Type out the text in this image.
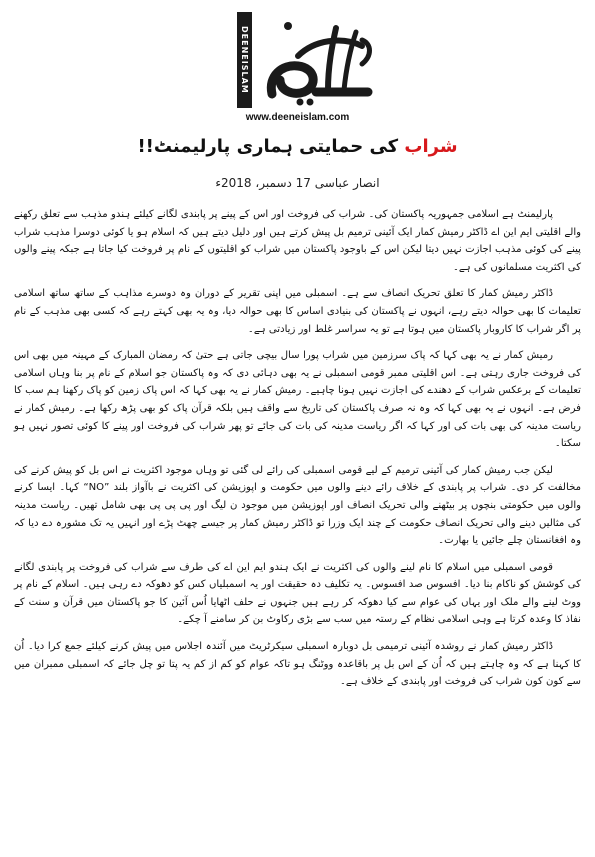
DEENEISLAM
www.deeneislam.com
شراب کی حمایتی ہماری پارلیمنٹ!!
انصار عباسی 17 دسمبر، 2018ء

پارلیمنٹ ہے اسلامی جمہوریہ پاکستان کی۔ شراب کی فروخت اور اس کے پینے پر پابندی لگانے کیلئے ہندو مذہب سے تعلق رکھنے والے اقلیتی ایم این اے ڈاکٹر رمیش کمار ایک آئینی ترمیم بل پیش کرتے ہیں اور دلیل دیتے ہیں کہ اسلام ہو یا کوئی دوسرا مذہب شراب پینے کی کوئی مذہب اجازت نہیں دیتا لیکن اس کے باوجود پاکستان میں شراب کو اقلیتوں کے نام پر فروخت کیا جاتا ہے جبکہ پینے والوں کی اکثریت مسلمانوں کی ہے۔

ڈاکٹر رمیش کمار کا تعلق تحریک انصاف سے ہے۔ اسمبلی میں اپنی تقریر کے دوران وہ دوسرے مذاہب کے ساتھ ساتھ اسلامی تعلیمات کا بھی حوالہ دیتے رہے، انہوں نے پاکستان کی بنیادی اساس کا بھی حوالہ دیا، وہ یہ بھی کہتے رہے کہ کسی بھی مذہب کے نام پر اگر شراب کا کاروبار پاکستان میں ہوتا ہے تو یہ سراسر غلط اور زیادتی ہے۔

رمیش کمار نے یہ بھی کہا کہ پاک سرزمین میں شراب پورا سال بیچی جاتی ہے حتیٰ کہ رمضان المبارک کے مہینہ میں بھی اس کی فروخت جاری رہتی ہے۔ اس اقلیتی ممبر قومی اسمبلی نے یہ بھی دہائی دی کہ وہ پاکستان جو اسلام کے نام پر بنا وہاں اسلامی تعلیمات کے برعکس شراب کے دھندے کی اجازت نہیں ہونا چاہیے۔ رمیش کمار نے یہ بھی کہا کہ اس پاک زمین کو پاک رکھنا ہم سب کا فرض ہے۔ انہوں نے یہ بھی کہا کہ وہ نہ صرف پاکستان کی تاریخ سے واقف ہیں بلکہ قرآن پاک کو بھی پڑھ رکھا ہے۔ رمیش کمار نے ریاست مدینہ کی بھی بات کی اور کہا کہ اگر ریاست مدینہ کی بات کی جائے تو پھر شراب کی فروخت اور پینے کا کوئی تصور نہیں ہو سکتا۔

لیکن جب رمیش کمار کی آئینی ترمیم کے لیے قومی اسمبلی کی رائے لی گئی تو وہاں موجود اکثریت نے اس بل کو پیش کرنے کی مخالفت کر دی۔ شراب پر پابندی کے خلاف رائے دینے والوں میں حکومت و اپوزیشن کی اکثریت نے باآواز بلند ”NO“ کہا۔ ایسا کرنے والوں میں حکومتی بنچوں پر بیٹھنے والی تحریک انصاف اور اپوزیشن میں موجود ن لیگ اور پی پی پی بھی شامل تھیں۔ ریاست مدینہ کی مثالیں دینے والی تحریک انصاف حکومت کے چند ایک وزرا تو ڈاکٹر رمیش کمار پر جیسے چھٹ پڑے اور انہیں یہ تک مشورہ دے دیا کہ وہ افغانستان چلے جائیں یا بھارت۔

قومی اسمبلی میں اسلام کا نام لینے والوں کی اکثریت نے ایک ہندو ایم این اے کی طرف سے شراب کی فروخت پر پابندی لگانے کی کوشش کو ناکام بنا دیا۔ افسوس صد افسوس۔ یہ تکلیف دہ حقیقت اور یہ اسمبلیاں کس کو دھوکہ دے رہی ہیں۔ اسلام کے نام پر ووٹ لینے والے ملک اور یہاں کی عوام سے کیا دھوکہ کر رہے ہیں جنہوں نے حلف اٹھایا اُس آئین کا جو پاکستان میں قرآن و سنت کے نفاذ کا وعدہ کرتا ہے وہی اسلامی نظام کے رستہ میں سب سے بڑی رکاوٹ بن کر سامنے آ چکے۔

ڈاکٹر رمیش کمار نے روشدہ آئینی ترمیمی بل دوبارہ اسمبلی سیکرٹریٹ میں آئندہ اجلاس میں پیش کرنے کیلئے جمع کرا دیا۔ اُن کا کہنا ہے کہ وہ چاہتے ہیں کہ اُن کے اس بل پر باقاعدہ ووٹنگ ہو تاکہ عوام کو کم از کم یہ پتا تو چل جائے کہ اسمبلی ممبران میں سے کون کون شراب کی فروخت اور پابندی کے خلاف ہے۔
